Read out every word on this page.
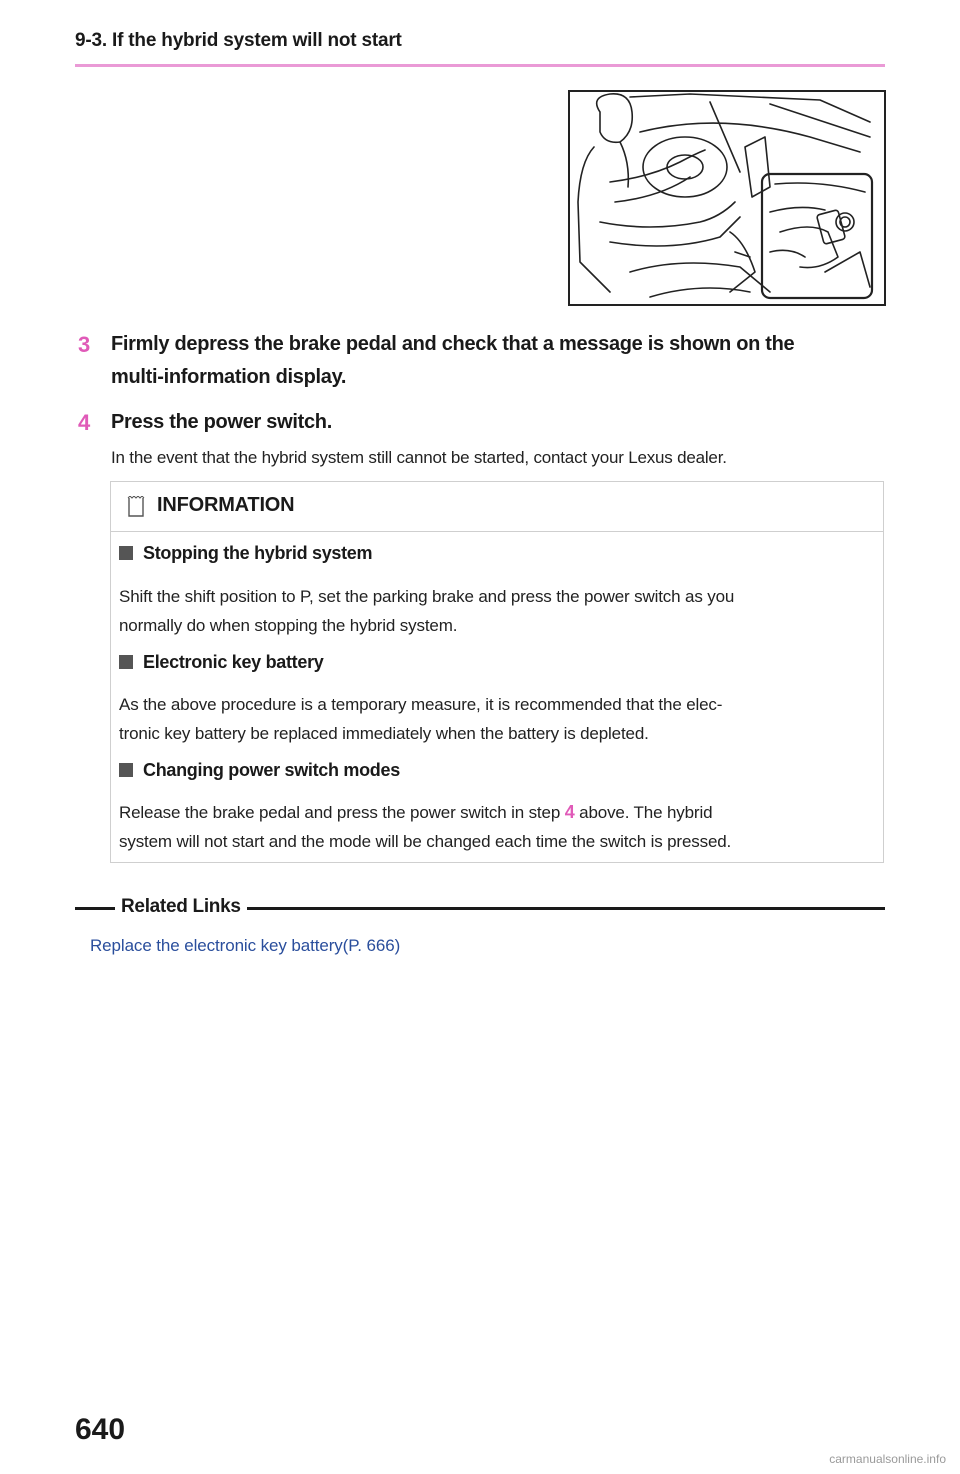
9-3. If the hybrid system will not start
3 Firmly depress the brake pedal and check that a message is shown on the
multi-information display.
4 Press the power switch.
In the event that the hybrid system still cannot be started, contact your Lexus dealer.
INFORMATION
Stopping the hybrid system
Shift the shift position to P, set the parking brake and press the power switch as you
normally do when stopping the hybrid system.
Electronic key battery
As the above procedure is a temporary measure, it is recommended that the elec-
tronic key battery be replaced immediately when the battery is depleted.
Changing power switch modes
Release the brake pedal and press the power switch in step 4 above. The hybrid
system will not start and the mode will be changed each time the switch is pressed.
Related Links
Replace the electronic key battery(P. 666)
640
carmanualsonline.info
